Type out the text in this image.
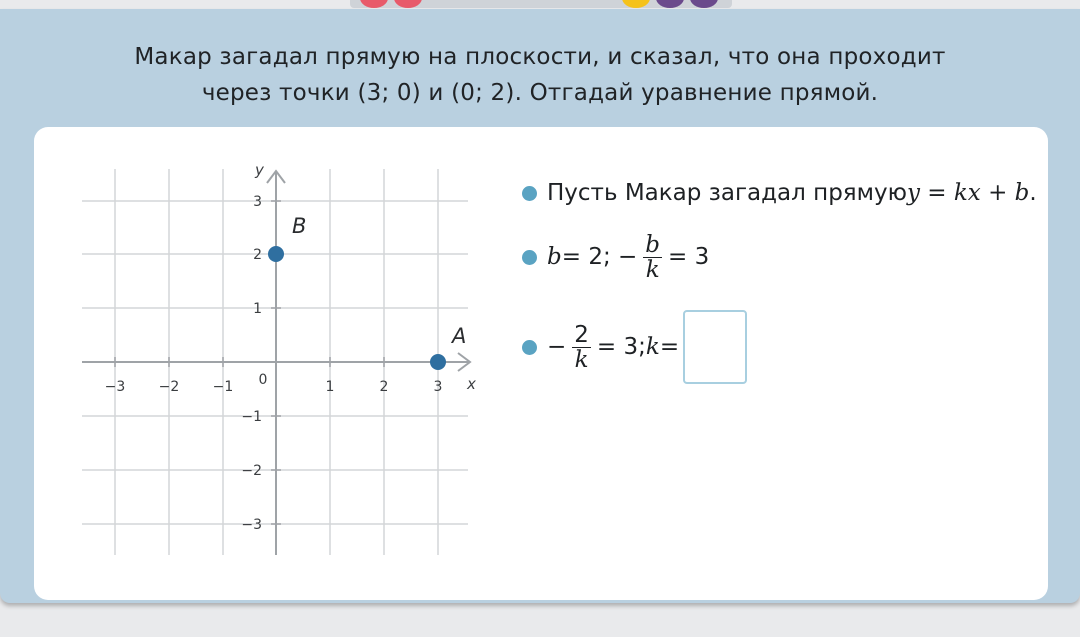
Макар загадал прямую на плоскости, и сказал, что она проходит
через точки (3; 0) и (0; 2). Отгадай уравнение прямой.
−3 −2 −1	1	2	3
0
3
2
1
−1
−2
−3
x
y
A
B
Пусть Макар загадал прямую y = kx + b .
b = 2; − $\frac{b}{k} = 3$
− $\frac{2}{k} = 3$; k =
